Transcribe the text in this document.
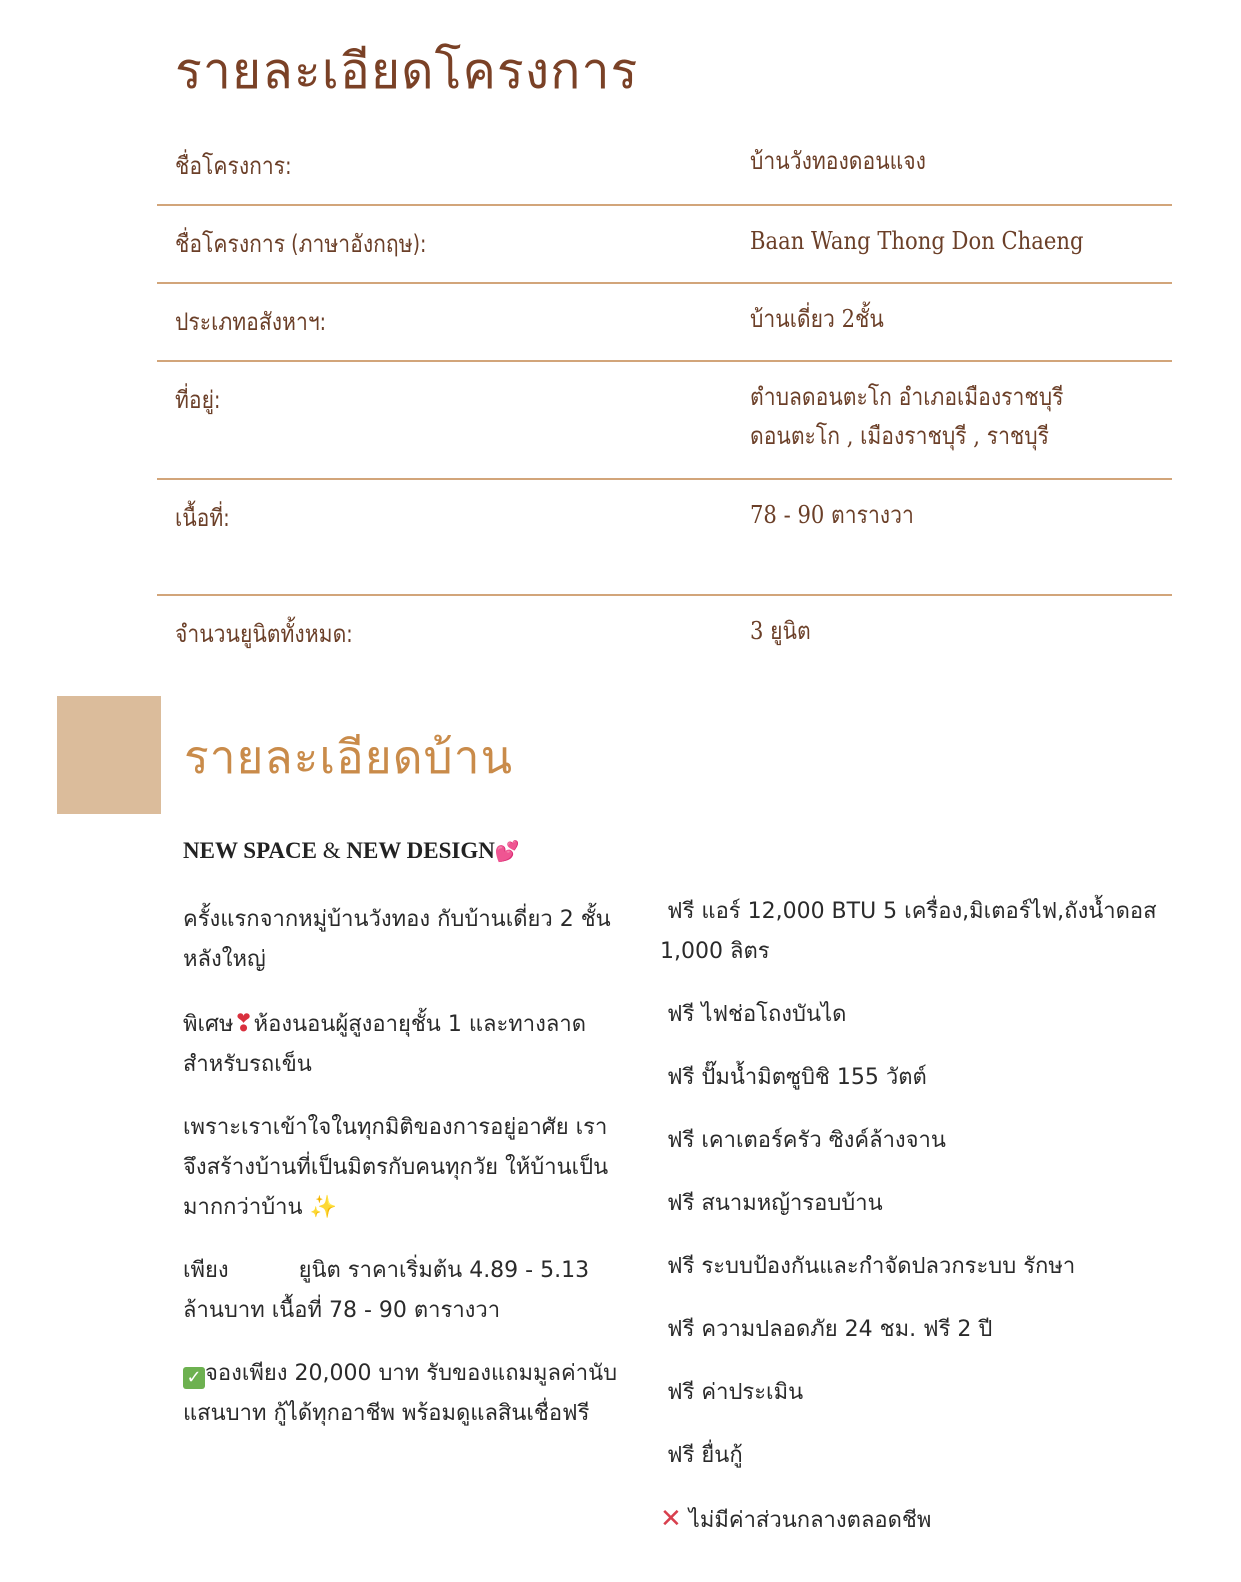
รายละเอียดโครงการ
ชื่อโครงการ:	บ้านวังทองดอนแจง
ชื่อโครงการ (ภาษาอังกฤษ):	Baan Wang Thong Don Chaeng
ประเภทอสังหาฯ:	บ้านเดี่ยว 2ชั้น
ที่อยู่:	ตำบลดอนตะโก อำเภอเมืองราชบุรี
ดอนตะโก , เมืองราชบุรี , ราชบุรี
เนื้อที่:	78 - 90 ตารางวา
จำนวนยูนิตทั้งหมด:	3 ยูนิต
รายละเอียดบ้าน
NEW SPACE & NEW DESIGN💕

ครั้งแรกจากหมู่บ้านวังทอง กับบ้านเดี่ยว 2 ชั้นหลังใหญ่

พิเศษ❣ห้องนอนผู้สูงอายุชั้น 1 และทางลาดสำหรับรถเข็น

เพราะเราเข้าใจในทุกมิติของการอยู่อาศัย เราจึงสร้างบ้านที่เป็นมิตรกับคนทุกวัย ให้บ้านเป็นมากกว่าบ้าน ✨

เพียง          ยูนิต ราคาเริ่มต้น 4.89 - 5.13 ล้านบาท เนื้อที่ 78 - 90 ตารางวา

✓ จองเพียง 20,000 บาท รับของแถมมูลค่านับแสนบาท กู้ได้ทุกอาชีพ พร้อมดูแลสินเชื่อฟรี

ฟรี แอร์ 12,000 BTU 5 เครื่อง,มิเตอร์ไฟ,ถังน้ำดอส 1,000 ลิตร

ฟรี ไฟช่อโถงบันได

ฟรี ปั๊มน้ำมิตซูบิชิ 155 วัตต์

ฟรี เคาเตอร์ครัว ซิงค์ล้างจาน

ฟรี สนามหญ้ารอบบ้าน

ฟรี ระบบป้องกันและกำจัดปลวกระบบ รักษา

ฟรี ความปลอดภัย 24 ชม. ฟรี 2 ปี

ฟรี ค่าประเมิน

ฟรี ยื่นกู้

✕ ไม่มีค่าส่วนกลางตลอดชีพ
